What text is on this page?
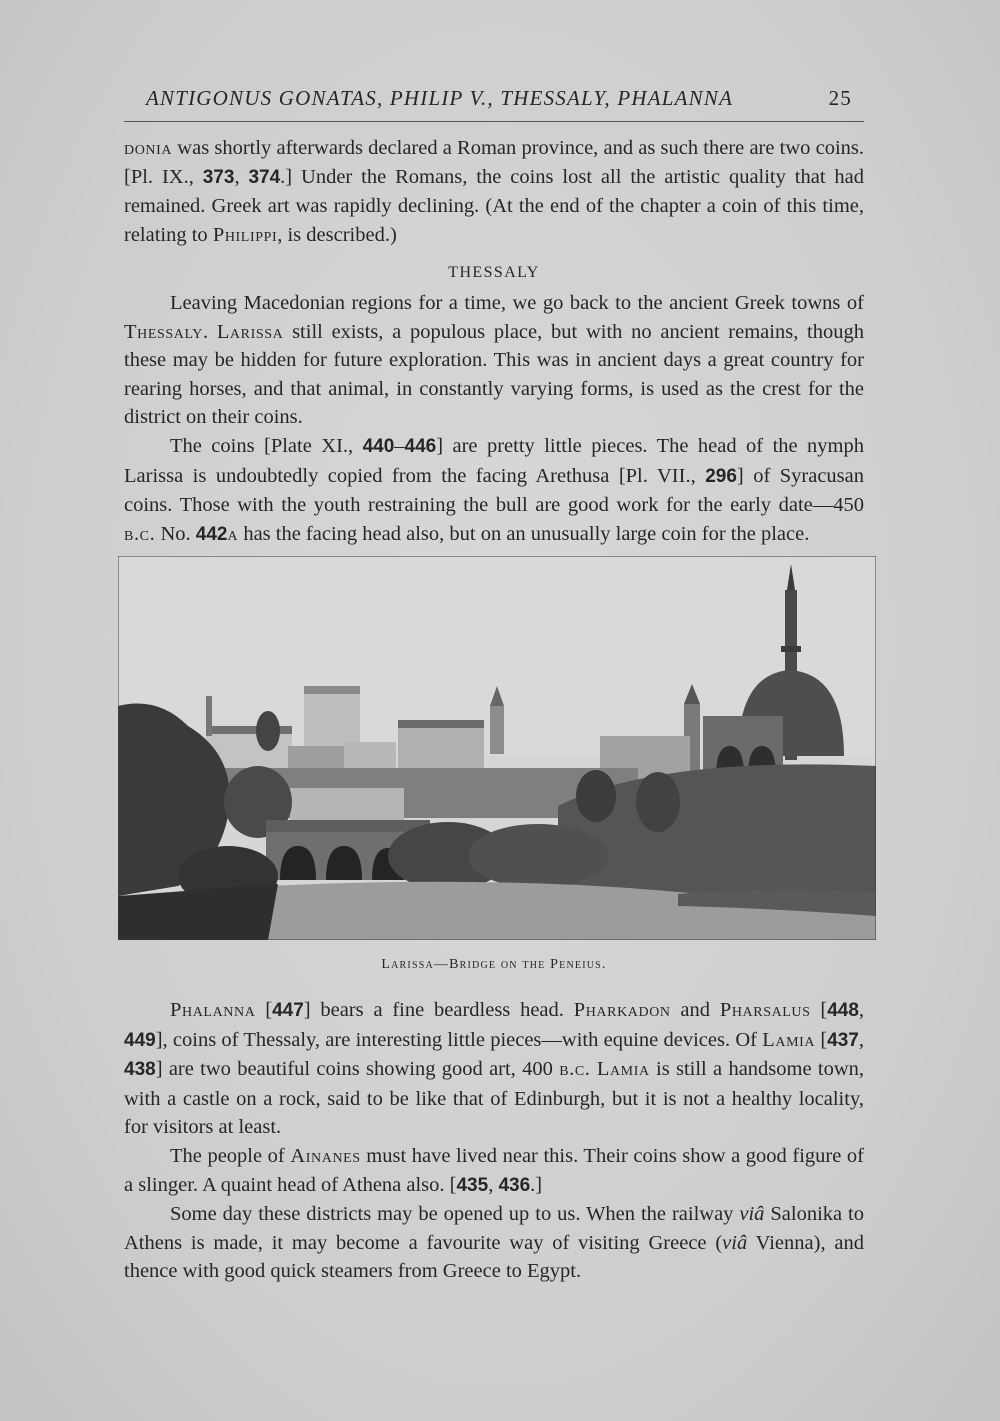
ANTIGONUS GONATAS, PHILIP V., THESSALY, PHALANNA	25

donia was shortly afterwards declared a Roman province, and as such there are two coins. [Pl. IX., 373, 374.] Under the Romans, the coins lost all the artistic quality that had remained. Greek art was rapidly declining. (At the end of the chapter a coin of this time, relating to Philippi, is described.)

THESSALY

Leaving Macedonian regions for a time, we go back to the ancient Greek towns of Thessaly. Larissa still exists, a populous place, but with no ancient remains, though these may be hidden for future exploration. This was in ancient days a great country for rearing horses, and that animal, in constantly varying forms, is used as the crest for the district on their coins.

The coins [Plate XI., 440–446] are pretty little pieces. The head of the nymph Larissa is undoubtedly copied from the facing Arethusa [Pl. VII., 296] of Syracusan coins. Those with the youth restraining the bull are good work for the early date—450 b.c. No. 442a has the facing head also, but on an unusually large coin for the place.

Larissa—Bridge on the Peneius.

Phalanna [447] bears a fine beardless head. Pharkadon and Pharsalus [448, 449], coins of Thessaly, are interesting little pieces—with equine devices. Of Lamia [437, 438] are two beautiful coins showing good art, 400 b.c. Lamia is still a handsome town, with a castle on a rock, said to be like that of Edinburgh, but it is not a healthy locality, for visitors at least.

The people of Ainanes must have lived near this. Their coins show a good figure of a slinger. A quaint head of Athena also. [435, 436.]

Some day these districts may be opened up to us. When the railway viâ Salonika to Athens is made, it may become a favourite way of visiting Greece (viâ Vienna), and thence with good quick steamers from Greece to Egypt.
